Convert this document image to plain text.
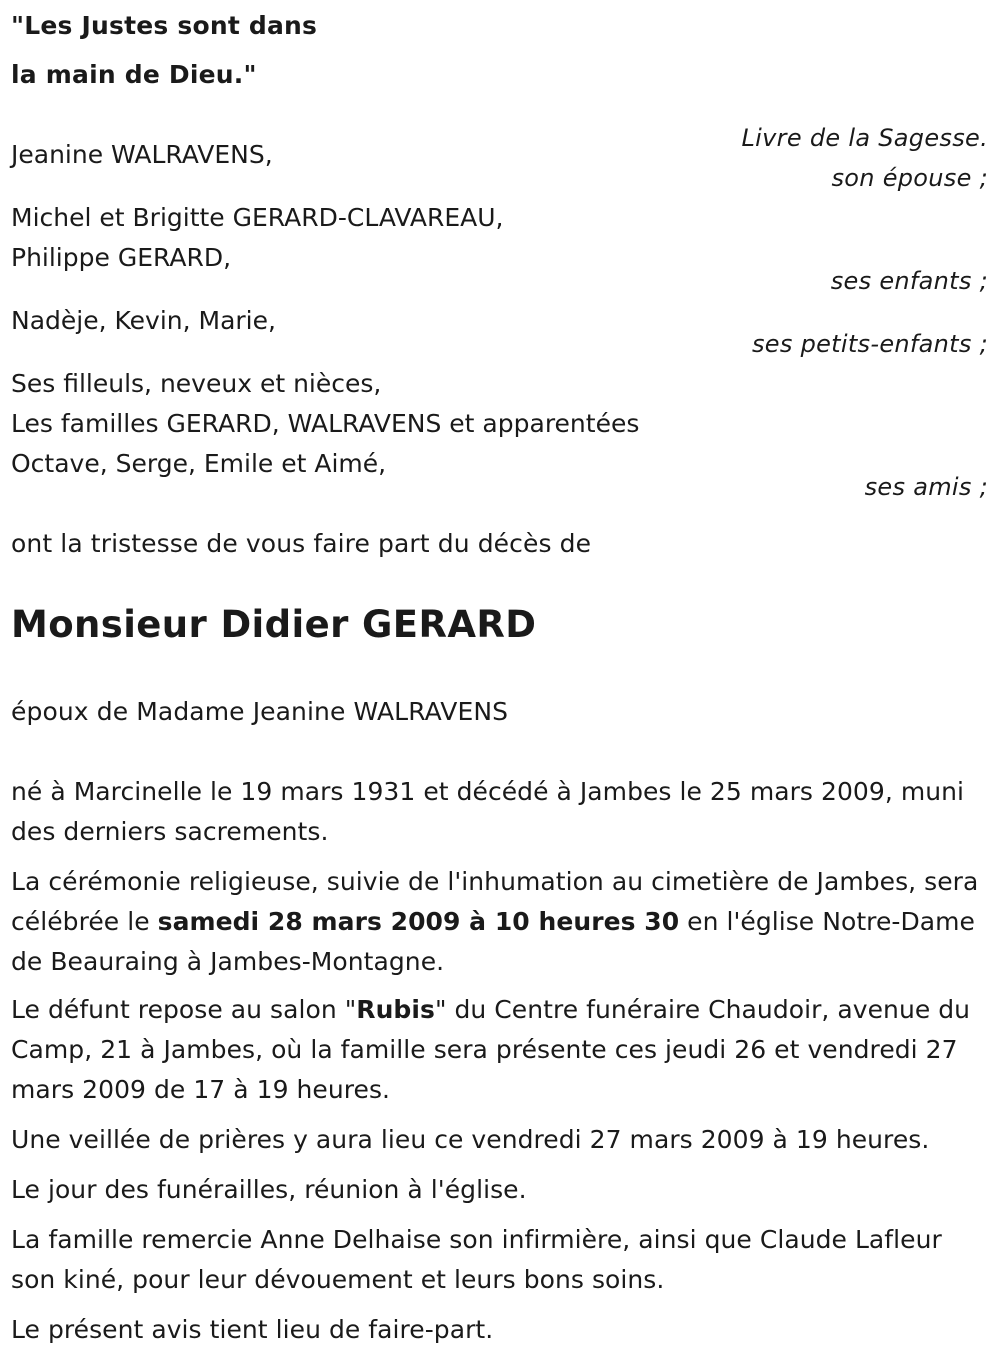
"Les Justes sont dans

la main de Dieu."

Livre de la Sagesse.

Jeanine WALRAVENS,

son épouse ;

Michel et Brigitte GERARD-CLAVAREAU,

Philippe GERARD,

ses enfants ;

Nadèje, Kevin, Marie,

ses petits-enfants ;

Ses filleuls, neveux et nièces,

Les familles GERARD, WALRAVENS et apparentées

Octave, Serge, Emile et Aimé,

ses amis ;

ont la tristesse de vous faire part du décès de

Monsieur Didier GERARD

époux de Madame Jeanine WALRAVENS

né à Marcinelle le 19 mars 1931 et décédé à Jambes le 25 mars 2009, muni des derniers sacrements.

La cérémonie religieuse, suivie de l'inhumation au cimetière de Jambes, sera célébrée le samedi 28 mars 2009 à 10 heures 30 en l'église Notre-Dame de Beauraing à Jambes-Montagne.

Le défunt repose au salon "Rubis" du Centre funéraire Chaudoir, avenue du Camp, 21 à Jambes, où la famille sera présente ces jeudi 26 et vendredi 27 mars 2009 de 17 à 19 heures.

Une veillée de prières y aura lieu ce vendredi 27 mars 2009 à 19 heures.

Le jour des funérailles, réunion à l'église.

La famille remercie Anne Delhaise son infirmière, ainsi que Claude Lafleur son kiné, pour leur dévouement et leurs bons soins.

Le présent avis tient lieu de faire-part.
